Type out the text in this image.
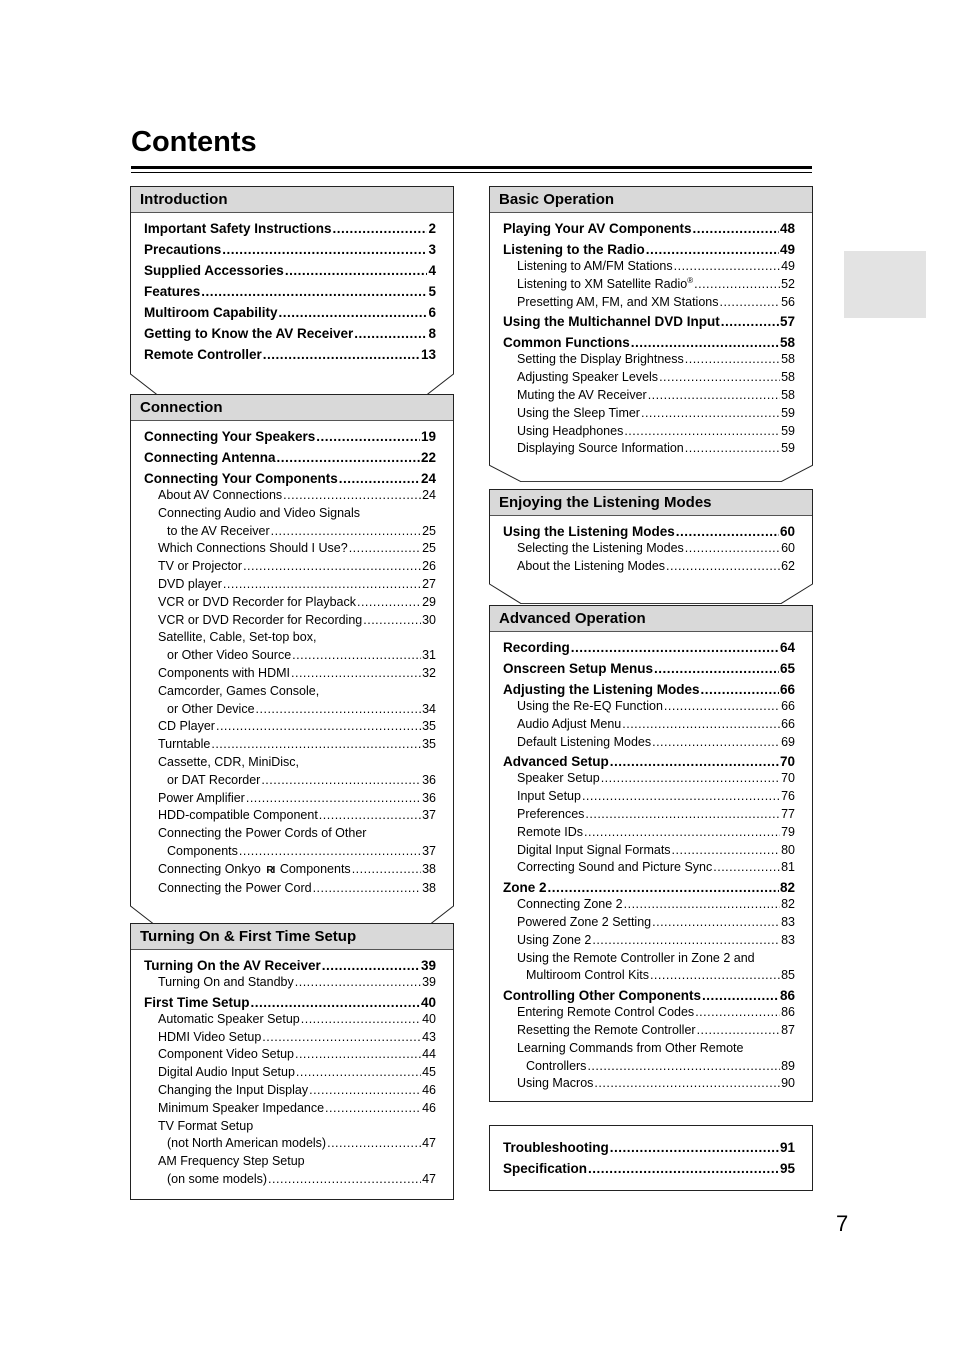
Contents
Introduction
Important Safety Instructions .....	2
Precautions .....	3
Supplied Accessories .....	4
Features .....	5
Multiroom Capability .....	6
Getting to Know the AV Receiver .....	8
Remote Controller .....	13
Connection
Connecting Your Speakers .....	19
Connecting Antenna .....	22
Connecting Your Components .....	24
About AV Connections .....	24
Connecting Audio and Video Signals
to the AV Receiver .....	25
Which Connections Should I Use? .....	25
TV or Projector .....	26
DVD player .....	27
VCR or DVD Recorder for Playback .....	29
VCR or DVD Recorder for Recording .....	30
Satellite, Cable, Set-top box,
or Other Video Source .....	31
Components with HDMI .....	32
Camcorder, Games Console,
or Other Device .....	34
CD Player .....	35
Turntable .....	35
Cassette, CDR, MiniDisc,
or DAT Recorder .....	36
Power Amplifier .....	36
HDD-compatible Component .....	37
Connecting the Power Cords of Other
Components .....	37
Connecting Onkyo RI Components .....	38
Connecting the Power Cord .....	38
Turning On & First Time Setup
Turning On the AV Receiver .....	39
Turning On and Standby .....	39
First Time Setup .....	40
Automatic Speaker Setup .....	40
HDMI Video Setup .....	43
Component Video Setup .....	44
Digital Audio Input Setup .....	45
Changing the Input Display .....	46
Minimum Speaker Impedance .....	46
TV Format Setup
(not North American models) .....	47
AM Frequency Step Setup
(on some models) .....	47
Basic Operation
Playing Your AV Components .....	48
Listening to the Radio .....	49
Listening to AM/FM Stations .....	49
Listening to XM Satellite Radio® .....	52
Presetting AM, FM, and XM Stations .....	56
Using the Multichannel DVD Input .....	57
Common Functions .....	58
Setting the Display Brightness .....	58
Adjusting Speaker Levels .....	58
Muting the AV Receiver .....	58
Using the Sleep Timer .....	59
Using Headphones .....	59
Displaying Source Information .....	59
Enjoying the Listening Modes
Using the Listening Modes .....	60
Selecting the Listening Modes .....	60
About the Listening Modes .....	62
Advanced Operation
Recording .....	64
Onscreen Setup Menus .....	65
Adjusting the Listening Modes .....	66
Using the Re-EQ Function .....	66
Audio Adjust Menu .....	66
Default Listening Modes .....	69
Advanced Setup .....	70
Speaker Setup .....	70
Input Setup .....	76
Preferences .....	77
Remote IDs .....	79
Digital Input Signal Formats .....	80
Correcting Sound and Picture Sync .....	81
Zone 2 .....	82
Connecting Zone 2 .....	82
Powered Zone 2 Setting .....	83
Using Zone 2 .....	83
Using the Remote Controller in Zone 2 and
Multiroom Control Kits .....	85
Controlling Other Components .....	86
Entering Remote Control Codes .....	86
Resetting the Remote Controller .....	87
Learning Commands from Other Remote
Controllers .....	89
Using Macros .....	90
Troubleshooting .....	91
Specification .....	95
7
